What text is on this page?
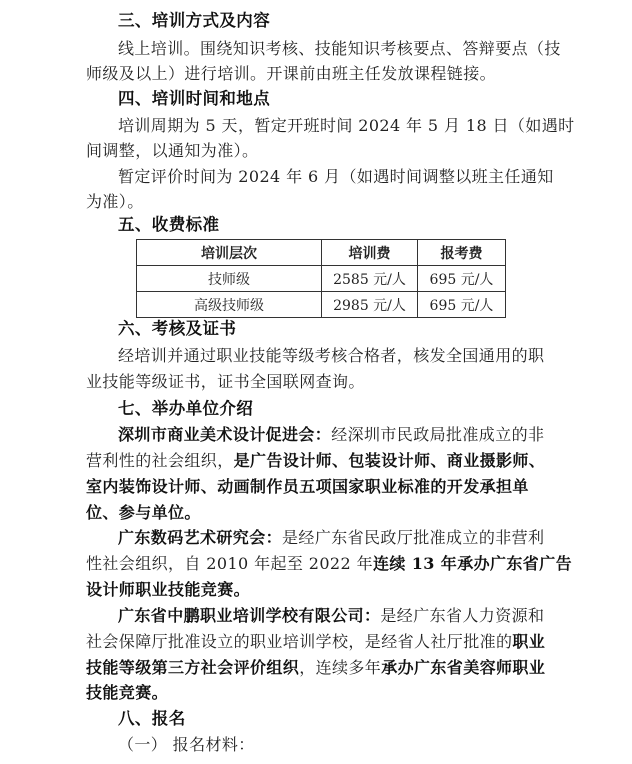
三、培训方式及内容

线上培训。围绕知识考核、技能知识考核要点、答辩要点（技

师级及以上）进行培训。开课前由班主任发放课程链接。

四、培训时间和地点

培训周期为 5 天，暂定开班时间 2024 年 5 月 18 日（如遇时

间调整，以通知为准）。

暂定评价时间为 2024 年 6 月（如遇时间调整以班主任通知

为准）。

五、收费标准

培训层次	培训费	报考费
技师级	2585 元/人	695 元/人
高级技师级	2985 元/人	695 元/人

六、考核及证书

经培训并通过职业技能等级考核合格者，核发全国通用的职

业技能等级证书，证书全国联网查询。

七、举办单位介绍

深圳市商业美术设计促进会：经深圳市民政局批准成立的非

营利性的社会组织，是广告设计师、包装设计师、商业摄影师、

室内装饰设计师、动画制作员五项国家职业标准的开发承担单

位、参与单位。

广东数码艺术研究会：是经广东省民政厅批准成立的非营利

性社会组织，自 2010 年起至 2022 年连续 13 年承办广东省广告

设计师职业技能竞赛。

广东省中鹏职业培训学校有限公司：是经广东省人力资源和

社会保障厅批准设立的职业培训学校，是经省人社厅批准的职业

技能等级第三方社会评价组织，连续多年承办广东省美容师职业

技能竞赛。

八、报名

（一） 报名材料：
